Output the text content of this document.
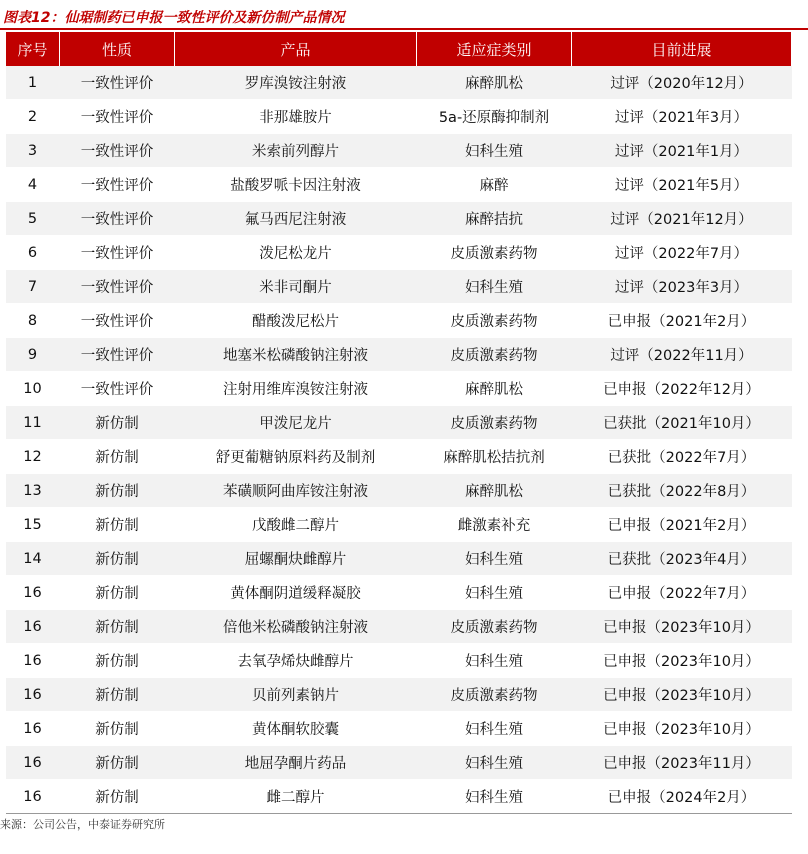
图表12：仙琚制药已申报一致性评价及新仿制产品情况
序号	性质	产品	适应症类别	目前进展
1	一致性评价	罗库溴铵注射液	麻醉肌松	过评（2020年12月）
2	一致性评价	非那雄胺片	5a-还原酶抑制剂	过评（2021年3月）
3	一致性评价	米索前列醇片	妇科生殖	过评（2021年1月）
4	一致性评价	盐酸罗哌卡因注射液	麻醉	过评（2021年5月）
5	一致性评价	氟马西尼注射液	麻醉拮抗	过评（2021年12月）
6	一致性评价	泼尼松龙片	皮质激素药物	过评（2022年7月）
7	一致性评价	米非司酮片	妇科生殖	过评（2023年3月）
8	一致性评价	醋酸泼尼松片	皮质激素药物	已申报（2021年2月）
9	一致性评价	地塞米松磷酸钠注射液	皮质激素药物	过评（2022年11月）
10	一致性评价	注射用维库溴铵注射液	麻醉肌松	已申报（2022年12月）
11	新仿制	甲泼尼龙片	皮质激素药物	已获批（2021年10月）
12	新仿制	舒更葡糖钠原料药及制剂	麻醉肌松拮抗剂	已获批（2022年7月）
13	新仿制	苯磺顺阿曲库铵注射液	麻醉肌松	已获批（2022年8月）
15	新仿制	戊酸雌二醇片	雌激素补充	已申报（2021年2月）
14	新仿制	屈螺酮炔雌醇片	妇科生殖	已获批（2023年4月）
16	新仿制	黄体酮阴道缓释凝胶	妇科生殖	已申报（2022年7月）
16	新仿制	倍他米松磷酸钠注射液	皮质激素药物	已申报（2023年10月）
16	新仿制	去氧孕烯炔雌醇片	妇科生殖	已申报（2023年10月）
16	新仿制	贝前列素钠片	皮质激素药物	已申报（2023年10月）
16	新仿制	黄体酮软胶囊	妇科生殖	已申报（2023年10月）
16	新仿制	地屈孕酮片药品	妇科生殖	已申报（2023年11月）
16	新仿制	雌二醇片	妇科生殖	已申报（2024年2月）
来源：公司公告，中泰证券研究所
